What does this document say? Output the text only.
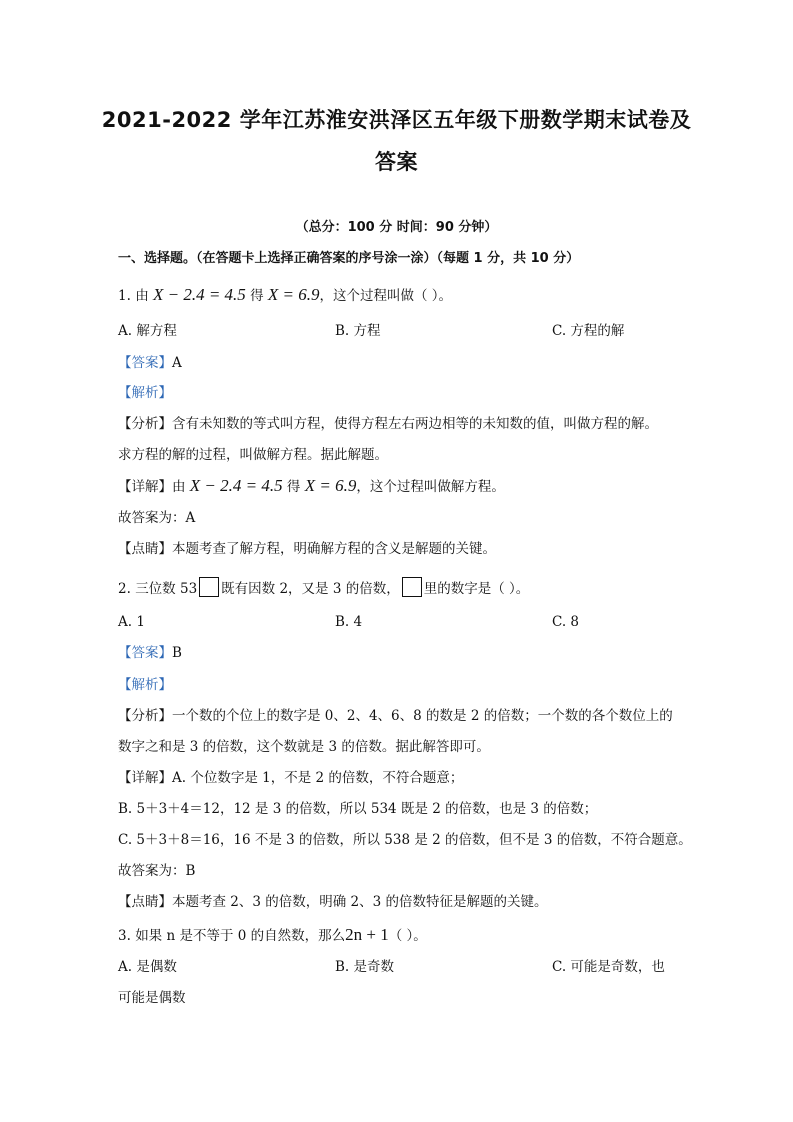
2021-2022 学年江苏淮安洪泽区五年级下册数学期末试卷及
答案
（总分：100 分 时间：90 分钟）
一、选择题。（在答题卡上选择正确答案的序号涂一涂）（每题 1 分，共 10 分）
1. 由 X − 2.4 = 4.5 得 X = 6.9，这个过程叫做（ ）。
A. 解方程	B. 方程	C. 方程的解
【答案】A
【解析】
【分析】含有未知数的等式叫方程，使得方程左右两边相等的未知数的值，叫做方程的解。
求方程的解的过程，叫做解方程。据此解题。
【详解】由 X − 2.4 = 4.5 得 X = 6.9，这个过程叫做解方程。
故答案为：A
【点睛】本题考查了解方程，明确解方程的含义是解题的关键。
2. 三位数 53 既有因数 2，又是 3 的倍数， 里的数字是（ ）。
A. 1	B. 4	C. 8
【答案】B
【解析】
【分析】一个数的个位上的数字是 0、2、4、6、8 的数是 2 的倍数；一个数的各个数位上的
数字之和是 3 的倍数，这个数就是 3 的倍数。据此解答即可。
【详解】A. 个位数字是 1，不是 2 的倍数，不符合题意；
B. 5＋3＋4＝12，12 是 3 的倍数，所以 534 既是 2 的倍数，也是 3 的倍数；
C. 5＋3＋8＝16，16 不是 3 的倍数，所以 538 是 2 的倍数，但不是 3 的倍数，不符合题意。
故答案为：B
【点睛】本题考查 2、3 的倍数，明确 2、3 的倍数特征是解题的关键。
3. 如果 n 是不等于 0 的自然数，那么2n + 1（ ）。
A. 是偶数	B. 是奇数	C. 可能是奇数，也
可能是偶数
